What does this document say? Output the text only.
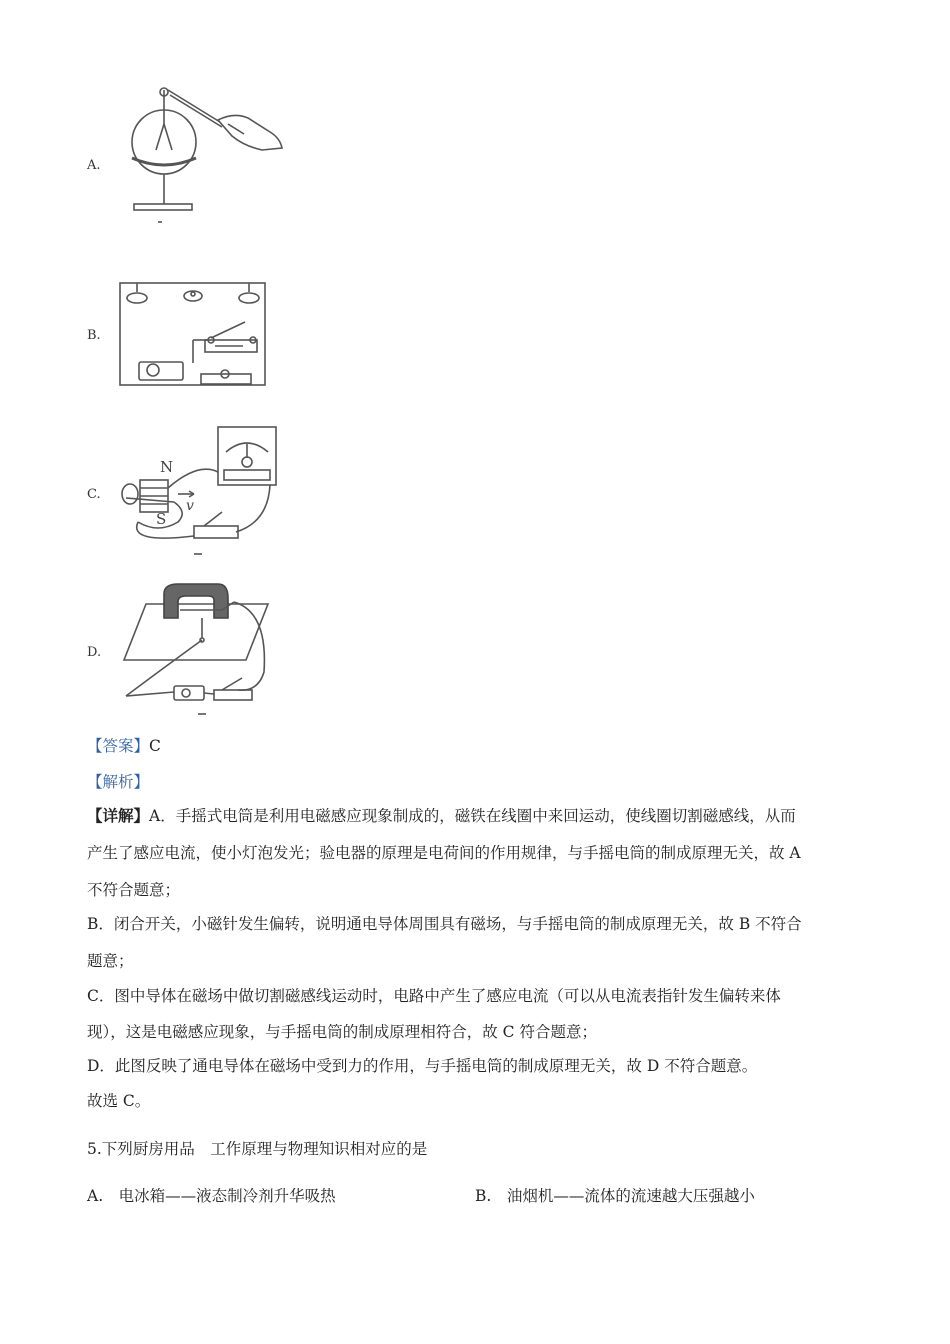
A.
B.
C.
N
S
v
D.
【答案】C
【解析】
【详解】A．手摇式电筒是利用电磁感应现象制成的，磁铁在线圈中来回运动，使线圈切割磁感线，从而
产生了感应电流，使小灯泡发光；验电器的原理是电荷间的作用规律，与手摇电筒的制成原理无关，故 A
不符合题意；
B．闭合开关，小磁针发生偏转，说明通电导体周围具有磁场，与手摇电筒的制成原理无关，故 B 不符合
题意；
C．图中导体在磁场中做切割磁感线运动时，电路中产生了感应电流（可以从电流表指针发生偏转来体
现），这是电磁感应现象，与手摇电筒的制成原理相符合，故 C 符合题意；
D．此图反映了通电导体在磁场中受到力的作用，与手摇电筒的制成原理无关，故 D 不符合题意。
故选 C。
5.下列厨房用品　工作原理与物理知识相对应的是
A.　电冰箱——液态制冷剂升华吸热	B.　油烟机——流体的流速越大压强越小
